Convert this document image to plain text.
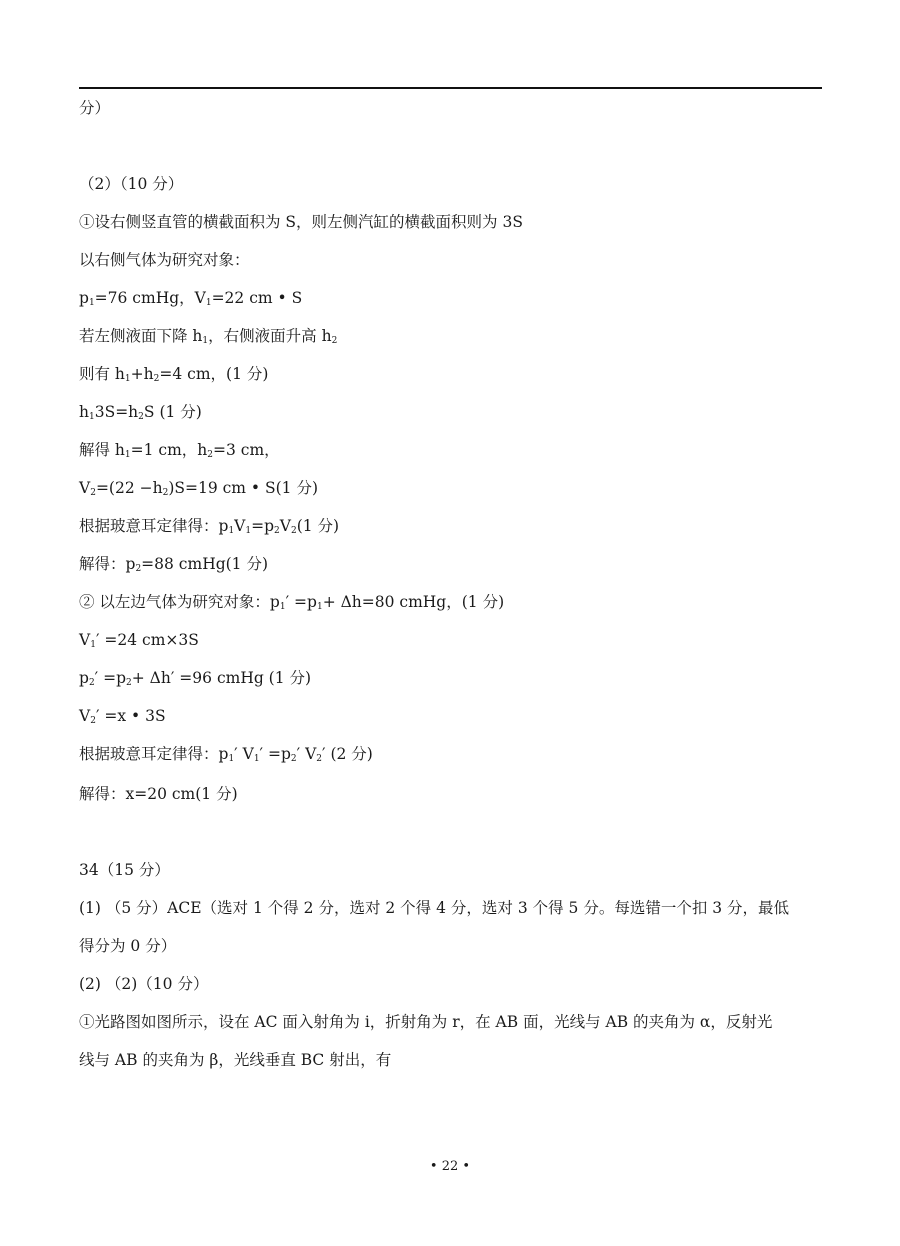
分）
（2）（10 分）
①设右侧竖直管的横截面积为 S，则左侧汽缸的横截面积则为 3S
以右侧气体为研究对象：
$p_1=76$ cmHg，$V_1=22$ cm • S
若左侧液面下降 $h_1$，右侧液面升高 $h_2$
则有 $h_1+h_2=4$ cm，(1 分)
$h_13S=h_2S$ (1 分)
解得 $h_1=1$ cm，$h_2=3$ cm，
$V_2=(22 -h_2)S=19$ cm • S(1 分)
根据玻意耳定律得：$p_1V_1=p_2V_2(1$ 分)
解得：$p_2=88$ cmHg(1 分)
② 以左边气体为研究对象：$p_1' =p_1+ \Delta h=80$ cmHg，(1 分)
$V_1' =24$ cm×3S
$p_2' =p_2+ \Delta h' =96$ cmHg (1 分)
$V_2' =x$ • 3S
根据玻意耳定律得：$p_1'$ $V_1' =p_2'$ $V_2'$ (2 分)
解得：x=20 cm(1 分)
34（15 分）
(1) （5 分）ACE（选对 1 个得 2 分，选对 2 个得 4 分，选对 3 个得 5 分。每选错一个扣 3 分，最低
得分为 0 分）
(2) （2)（10 分）
①光路图如图所示，设在 AC 面入射角为 i，折射角为 r，在 AB 面，光线与 AB 的夹角为 α，反射光
线与 AB 的夹角为 β，光线垂直 BC 射出，有
• 22 •
